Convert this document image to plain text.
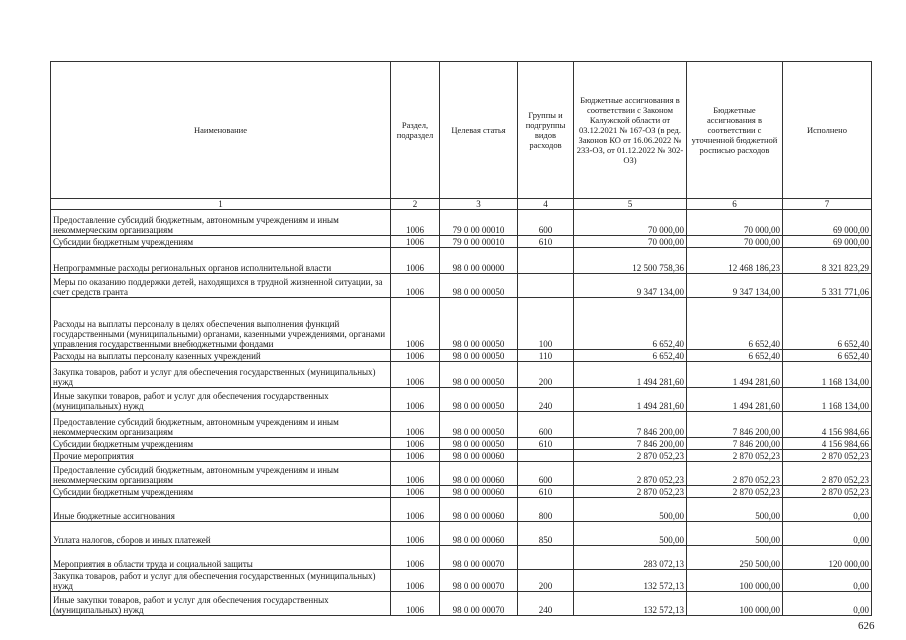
Наименование	Раздел, подраздел	Целевая статья	Группы и подгруппы видов расходов	Бюджетные ассигнования в соответствии с Законом Калужской области от 03.12.2021 № 167-ОЗ (в ред. Законов КО от 16.06.2022 № 233-ОЗ, от 01.12.2022 № 302-ОЗ)	Бюджетные ассигнования в соответствии с уточненной бюджетной росписью расходов	Исполнено
1	2	3	4	5	6	7
Предоставление субсидий бюджетным, автономным учреждениям и иным некоммерческим организациям	1006	79 0 00 00010	600	70 000,00	70 000,00	69 000,00
Субсидии бюджетным учреждениям	1006	79 0 00 00010	610	70 000,00	70 000,00	69 000,00
Непрограммные расходы региональных органов исполнительной власти	1006	98 0 00 00000		12 500 758,36	12 468 186,23	8 321 823,29
Меры по оказанию поддержки детей, находящихся в трудной жизненной ситуации, за счет средств гранта	1006	98 0 00 00050		9 347 134,00	9 347 134,00	5 331 771,06
Расходы на выплаты персоналу в целях обеспечения выполнения функций государственными (муниципальными) органами, казенными учреждениями, органами управления государственными внебюджетными фондами	1006	98 0 00 00050	100	6 652,40	6 652,40	6 652,40
Расходы на выплаты персоналу казенных учреждений	1006	98 0 00 00050	110	6 652,40	6 652,40	6 652,40
Закупка товаров, работ и услуг для обеспечения государственных (муниципальных) нужд	1006	98 0 00 00050	200	1 494 281,60	1 494 281,60	1 168 134,00
Иные закупки товаров, работ и услуг для обеспечения государственных (муниципальных) нужд	1006	98 0 00 00050	240	1 494 281,60	1 494 281,60	1 168 134,00
Предоставление субсидий бюджетным, автономным учреждениям и иным некоммерческим организациям	1006	98 0 00 00050	600	7 846 200,00	7 846 200,00	4 156 984,66
Субсидии бюджетным учреждениям	1006	98 0 00 00050	610	7 846 200,00	7 846 200,00	4 156 984,66
Прочие мероприятия	1006	98 0 00 00060		2 870 052,23	2 870 052,23	2 870 052,23
Предоставление субсидий бюджетным, автономным учреждениям и иным некоммерческим организациям	1006	98 0 00 00060	600	2 870 052,23	2 870 052,23	2 870 052,23
Субсидии бюджетным учреждениям	1006	98 0 00 00060	610	2 870 052,23	2 870 052,23	2 870 052,23
Иные бюджетные ассигнования	1006	98 0 00 00060	800	500,00	500,00	0,00
Уплата налогов, сборов и иных платежей	1006	98 0 00 00060	850	500,00	500,00	0,00
Мероприятия в области труда и социальной защиты	1006	98 0 00 00070		283 072,13	250 500,00	120 000,00
Закупка товаров, работ и услуг для обеспечения государственных (муниципальных) нужд	1006	98 0 00 00070	200	132 572,13	100 000,00	0,00
Иные закупки товаров, работ и услуг для обеспечения государственных (муниципальных) нужд	1006	98 0 00 00070	240	132 572,13	100 000,00	0,00
626
